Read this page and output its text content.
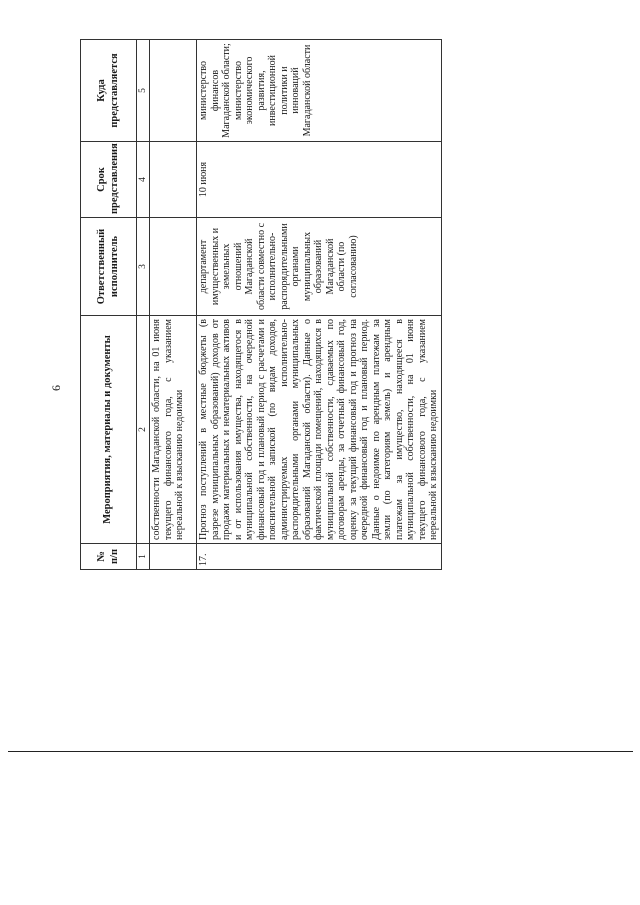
6
№ п/п	Мероприятия, материалы и документы	Ответственный исполнитель	Срок представления	Куда представляется
1	2	3	4	5
	собственности Магаданской области, на 01 июня текущего финансового года, с указанием нереальной к взысканию недоимки			
17.	Прогноз поступлений в местные бюджеты (в разрезе муниципальных образований) доходов от продажи материальных и нематериальных активов и от использования имущества, находящегося в муниципальной собственности, на очередной финансовый год и плановый период с расчетами и пояснительной запиской (по видам доходов, администрируемых исполнительно-распорядительными органами муниципальных образований Магаданской области). Данные о фактической площади помещений, находящихся в муниципальной собственности, сдаваемых по договорам аренды, за отчетный финансовый год, оценку за текущий финансовый год и прогноз на очередной финансовый год и плановый период. Данные о недоимке по арендным платежам за земли (по категориям земель) и арендным платежам за имущество, находящееся в муниципальной собственности, на 01 июня текущего финансового года, с указанием нереальной к взысканию недоимки	департамент имущественных и земельных отношений Магаданской области совместно с исполнительно-распорядительными органами муниципальных образований Магаданской области (по согласованию)	10 июня	министерство финансов Магаданской области; министерство экономического развития, инвестиционной политики и инноваций Магаданской области
